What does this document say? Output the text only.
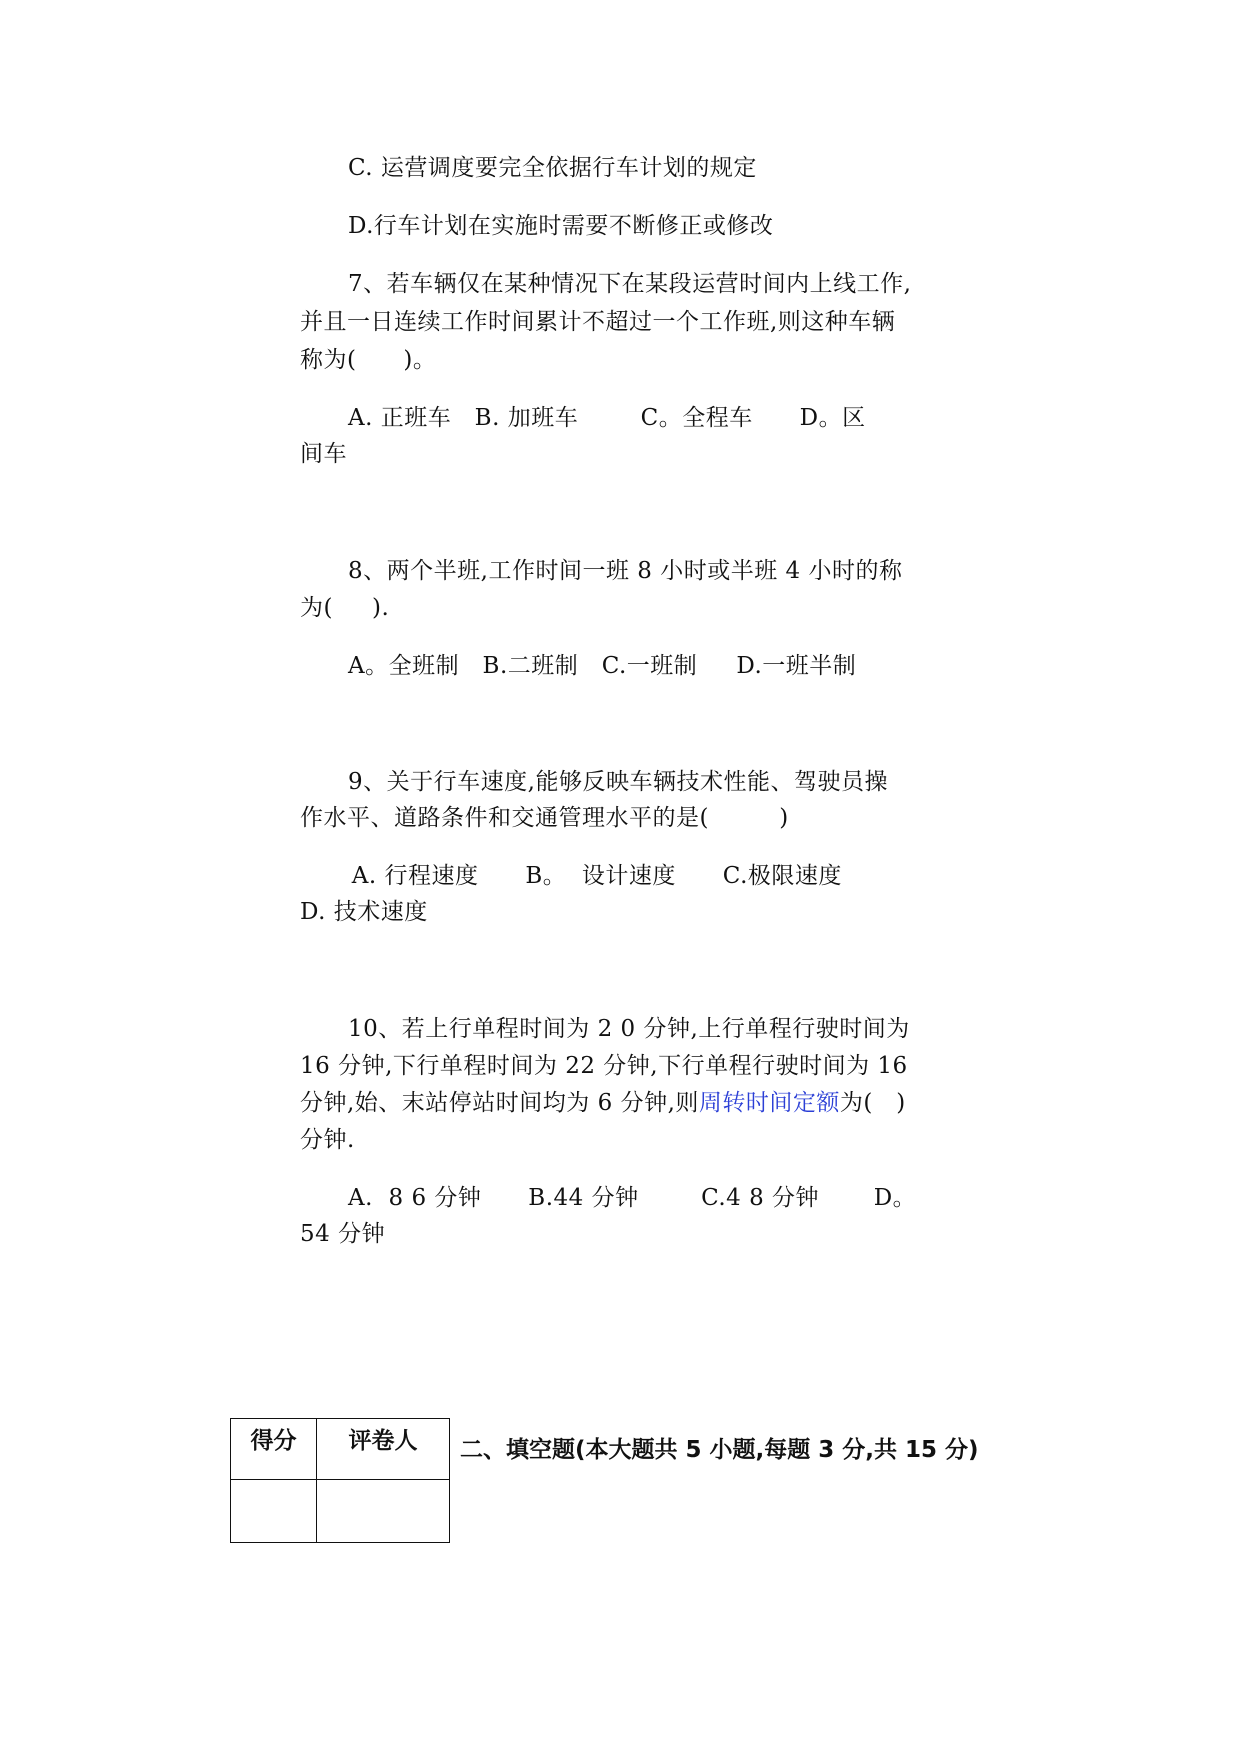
C. 运营调度要完全依据行车计划的规定
D.行车计划在实施时需要不断修正或修改
7、若车辆仅在某种情况下在某段运营时间内上线工作,
并且一日连续工作时间累计不超过一个工作班,则这种车辆
称为(      )。
A. 正班车   B. 加班车        C。全程车      D。区
间车
8、两个半班,工作时间一班 8 小时或半班 4 小时的称
为(     ).
A。全班制   B.二班制   C.一班制     D.一班半制
9、关于行车速度,能够反映车辆技术性能、驾驶员操
作水平、道路条件和交通管理水平的是(         )
A. 行程速度      B。  设计速度      C.极限速度
D. 技术速度
10、若上行单程时间为 2 0 分钟,上行单程行驶时间为
16 分钟,下行单程时间为 22 分钟,下行单程行驶时间为 16
分钟,始、末站停站时间均为 6 分钟,则周转时间定额为(   )
分钟.
A.  8 6 分钟      B.44 分钟        C.4 8 分钟       D。
54 分钟
得分	评卷人
	二、填空题(本大题共 5 小题,每题 3 分,共 15 分)
